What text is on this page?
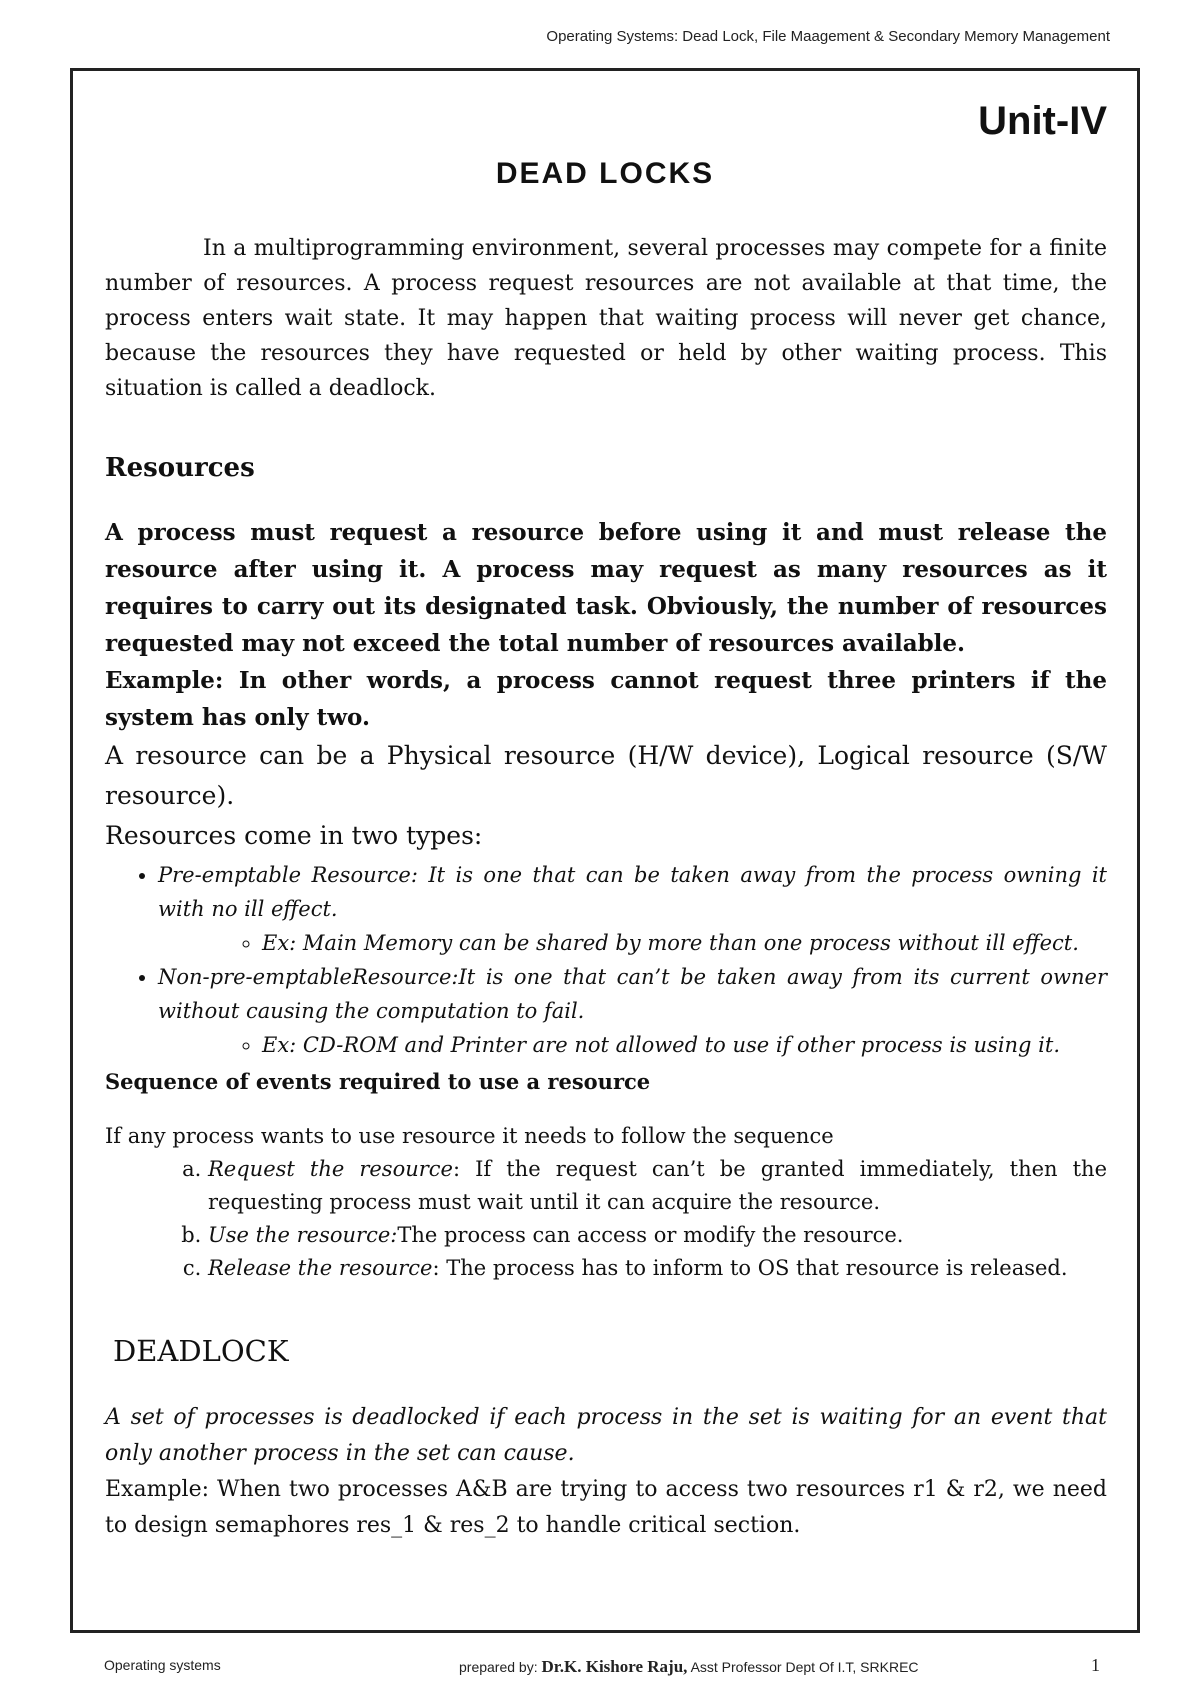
Operating Systems: Dead Lock, File Maagement & Secondary Memory Management
Unit-IV
DEAD LOCKS

In a multiprogramming environment, several processes may compete for a finite number of resources. A process request resources are not available at that time, the process enters wait state. It may happen that waiting process will never get chance, because the resources they have requested or held by other waiting process. This situation is called a deadlock.

Resources

A process must request a resource before using it and must release the resource after using it. A process may request as many resources as it requires to carry out its designated task. Obviously, the number of resources requested may not exceed the total number of resources available.

Example: In other words, a process cannot request three printers if the system has only two.

A resource can be a Physical resource (H/W device), Logical resource (S/W resource).

Resources come in two types:

• Pre-emptable Resource: It is one that can be taken away from the process owning it with no ill effect.
◦ Ex: Main Memory can be shared by more than one process without ill effect.
• Non-pre-emptableResource:It is one that can’t be taken away from its current owner without causing the computation to fail.
◦ Ex: CD-ROM and Printer are not allowed to use if other process is using it.
Sequence of events required to use a resource

If any process wants to use resource it needs to follow the sequence

a. Request the resource: If the request can’t be granted immediately, then the requesting process must wait until it can acquire the resource.
b. Use the resource:The process can access or modify the resource.
c. Release the resource: The process has to inform to OS that resource is released.
DEADLOCK

A set of processes is deadlocked if each process in the set is waiting for an event that only another process in the set can cause.

Example: When two processes A&B are trying to access two resources r1 & r2, we need to design semaphores res_1 & res_2 to handle critical section.

Operating systems	prepared by: Dr.K. Kishore Raju, Asst Professor Dept Of I.T, SRKREC	1
